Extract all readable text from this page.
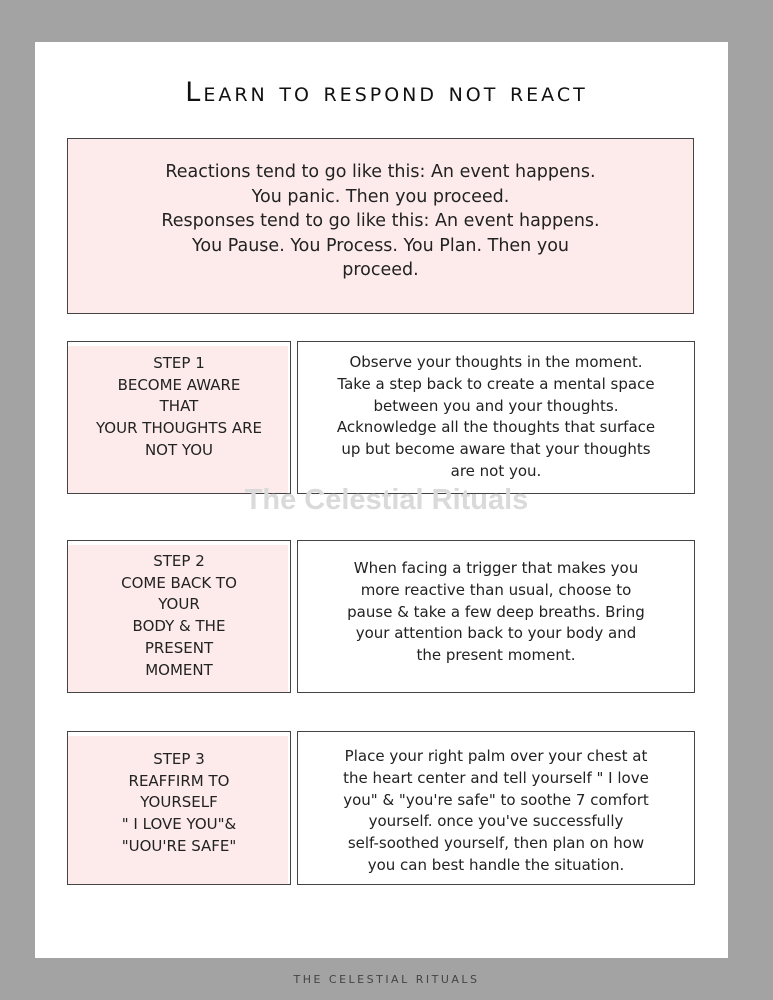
Learn to respond not react
Reactions tend to go like this: An event happens.
You panic. Then you proceed.
Responses tend to go like this: An event happens.
You Pause. You Process. You Plan. Then you
proceed.
STEP 1
BECOME AWARE
THAT
YOUR THOUGHTS ARE
NOT YOU
Observe your thoughts in the moment.
Take a step back to create a mental space
between you and your thoughts.
Acknowledge all the thoughts that surface
up but become aware that your thoughts
are not you.
STEP 2
COME BACK TO
YOUR
BODY & THE
PRESENT
MOMENT
When facing a trigger that makes you
more reactive than usual, choose to
pause & take a few deep breaths. Bring
your attention back to your body and
the present moment.
STEP 3
REAFFIRM TO
YOURSELF
" I LOVE YOU"&
"UOU'RE SAFE"
Place your right palm over your chest at
the heart center and tell yourself " I love
you" & "you're safe" to soothe 7 comfort
yourself. once you've successfully
self-soothed yourself, then plan on how
you can best handle the situation.
The Celestial Rituals
THE CELESTIAL RITUALS
